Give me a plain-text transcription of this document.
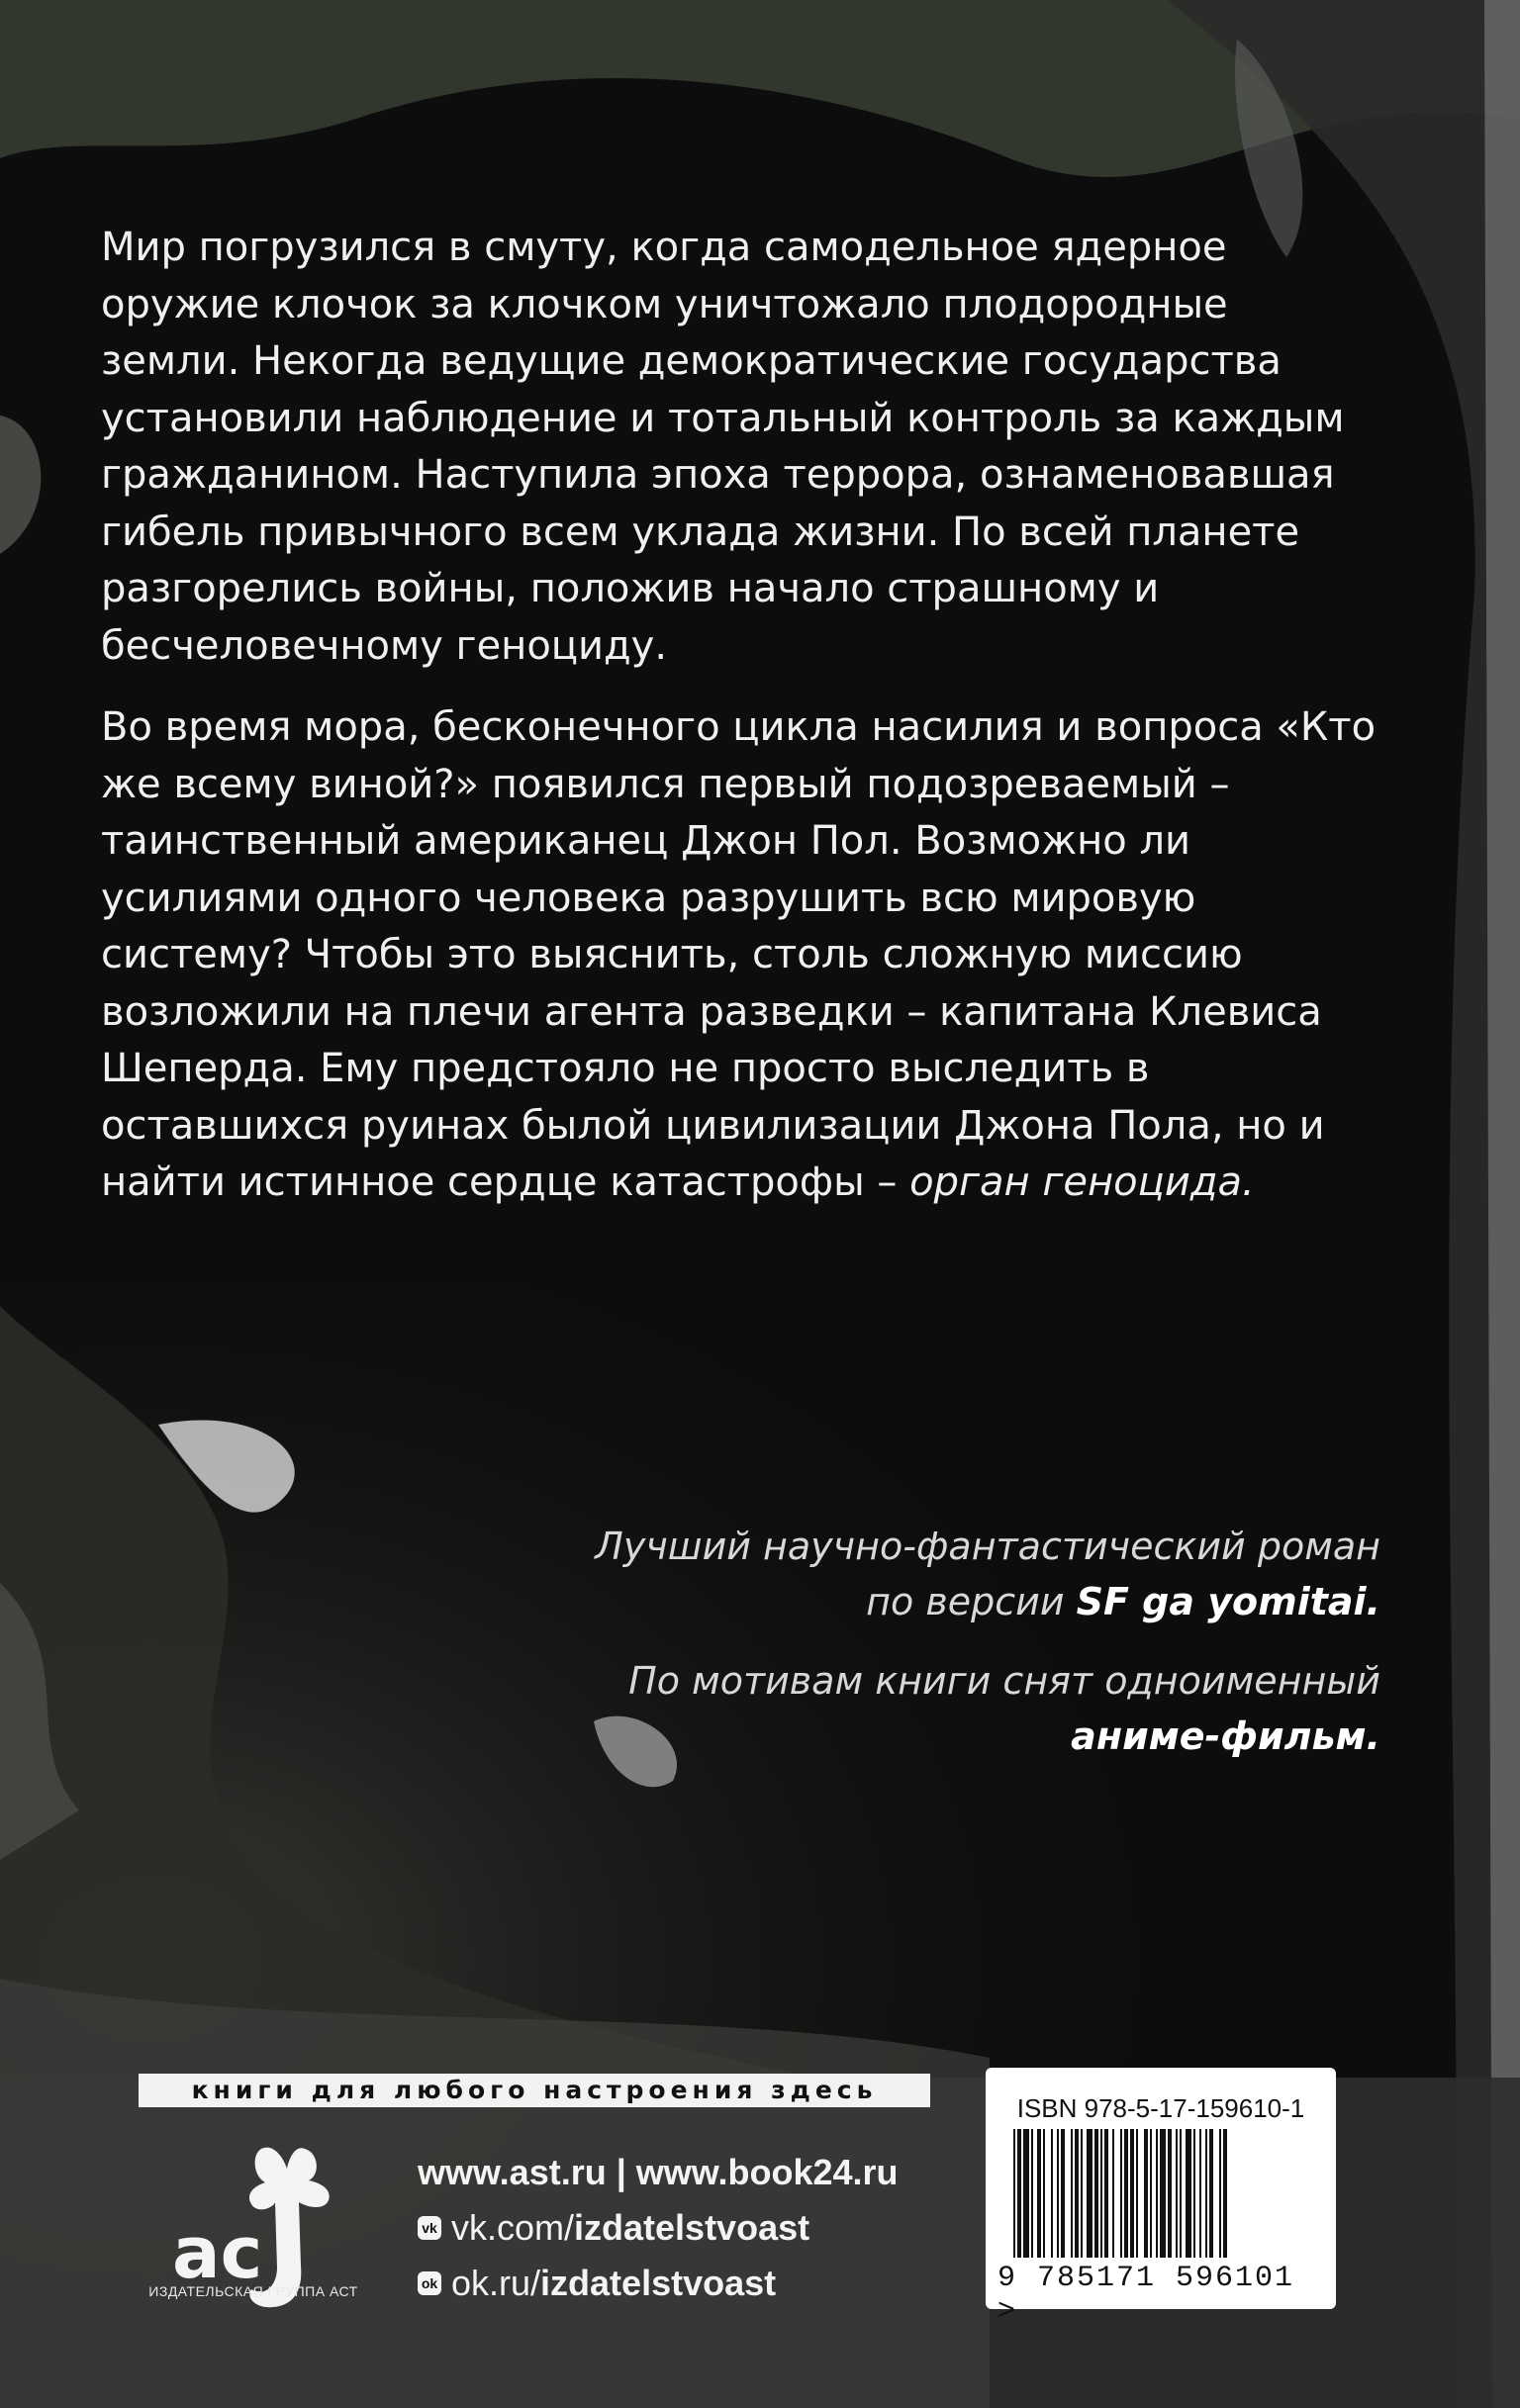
Мир погрузился в смуту, когда самодельное ядерное оружие клочок за клочком уничтожало плодородные земли. Некогда ведущие демократические государства установили наблюдение и тотальный контроль за каждым гражданином. Наступила эпоха террора, ознаменовавшая гибель привычного всем уклада жизни. По всей планете разгорелись войны, положив начало страшному и бесчеловечному геноциду.

Во время мора, бесконечного цикла насилия и вопроса «Кто же всему виной?» появился первый подозреваемый – таинственный американец Джон Пол. Возможно ли усилиями одного человека разрушить всю мировую систему? Чтобы это выяснить, столь сложную миссию возложили на плечи агента разведки – капитана Клевиса Шеперда. Ему предстояло не просто выследить в оставшихся руинах былой цивилизации Джона Пола, но и найти истинное сердце катастрофы – орган геноцида.

Лучший научно-фантастический роман
по версии SF ga yomitai.

По мотивам книги снят одноименный
аниме-фильм.

книги для любого настроения здесь
ac
ИЗДАТЕЛЬСКАЯ ГРУППА АСТ
www.ast.ru | www.book24.ru
vk vk.com/ izdatelstvoast
ok ok.ru/ izdatelstvoast
ISBN 978-5-17-159610-1
9 785171 596101 >
